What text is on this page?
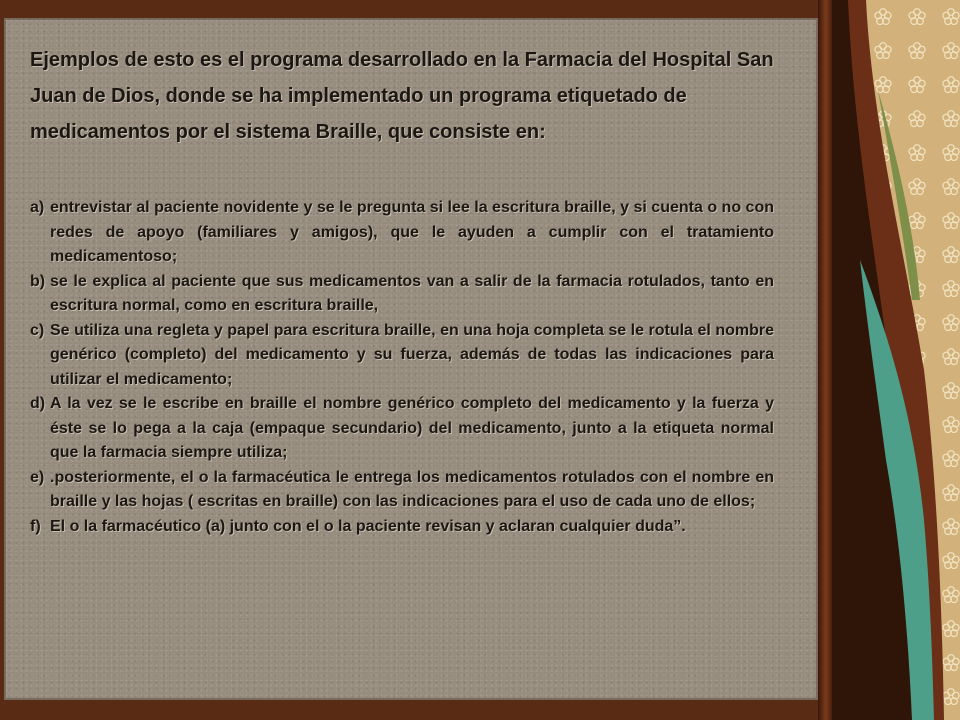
Ejemplos de esto es el programa desarrollado en la Farmacia del Hospital San Juan de Dios, donde se ha implementado un programa etiquetado de medicamentos por el sistema Braille, que consiste en:

a) entrevistar al paciente novidente y se le pregunta si lee la escritura braille, y si cuenta o no con redes de apoyo (familiares y amigos), que le ayuden a cumplir con el tratamiento medicamentoso;
b) se le explica al paciente que sus medicamentos van a salir de la farmacia rotulados, tanto en escritura normal, como en escritura braille,
c) Se utiliza una regleta y papel para escritura braille, en una hoja completa se le rotula el nombre genérico (completo) del medicamento y su fuerza, además de todas las indicaciones para utilizar el medicamento;
d) A la vez se le escribe en braille el nombre genérico completo del medicamento y la fuerza y éste se lo pega a la caja (empaque secundario) del medicamento, junto a la etiqueta normal que la farmacia siempre utiliza;
e) .posteriormente, el o la farmacéutica le entrega los medicamentos rotulados con el nombre en braille y las hojas ( escritas en braille) con las indicaciones para el uso de cada uno de ellos;
f) El o la farmacéutico (a) junto con el o la paciente revisan y aclaran cualquier duda”.
